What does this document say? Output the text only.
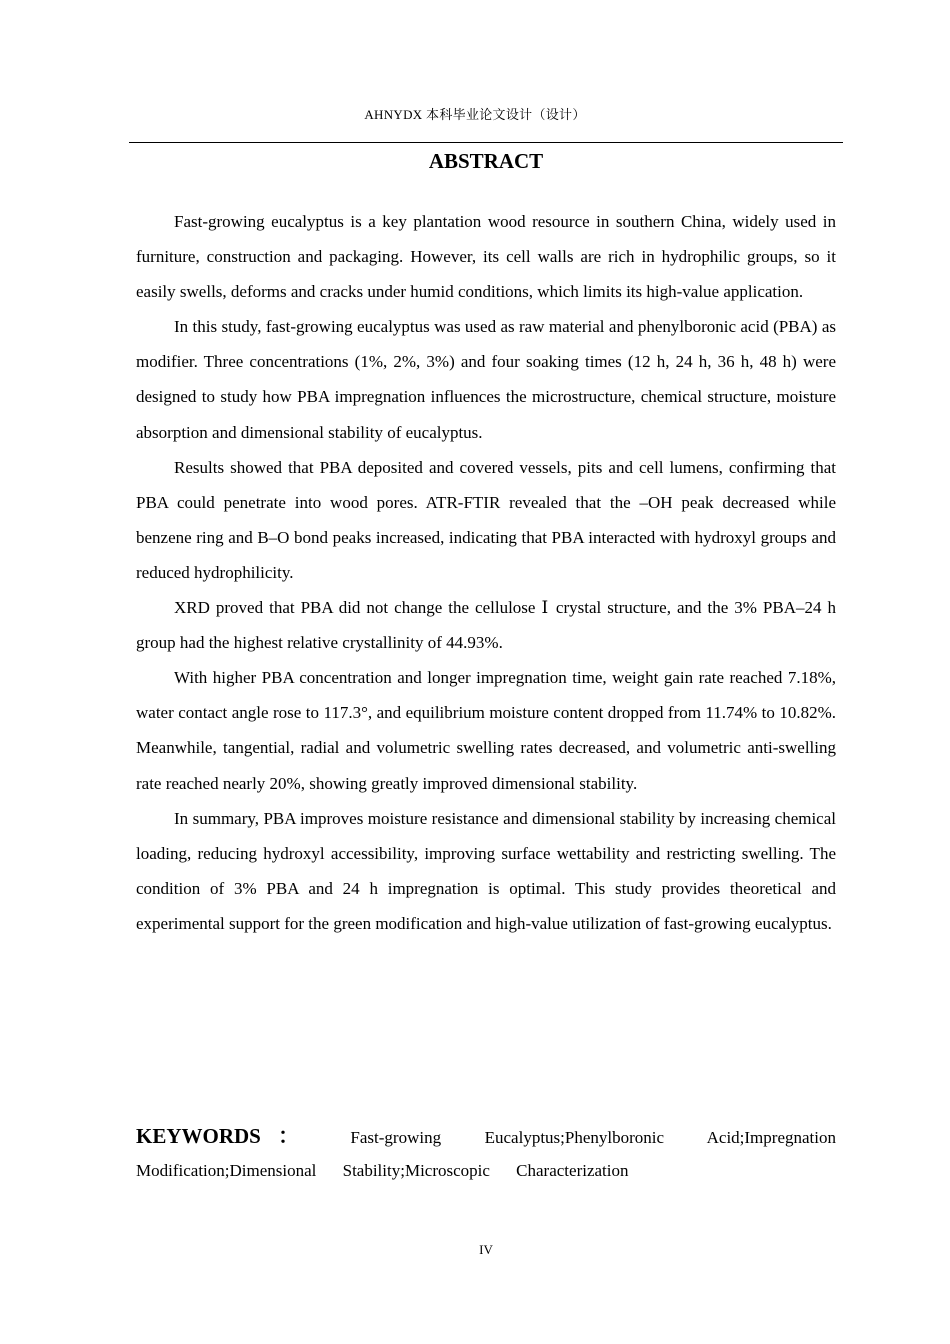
AHNYDX 本科毕业论文设计（设计）
ABSTRACT

Fast-growing eucalyptus is a key plantation wood resource in southern China, widely used in furniture, construction and packaging. However, its cell walls are rich in hydrophilic groups, so it easily swells, deforms and cracks under humid conditions, which limits its high-value application.

In this study, fast-growing eucalyptus was used as raw material and phenylboronic acid (PBA) as modifier. Three concentrations (1%, 2%, 3%) and four soaking times (12 h, 24 h, 36 h, 48 h) were designed to study how PBA impregnation influences the microstructure, chemical structure, moisture absorption and dimensional stability of eucalyptus.

Results showed that PBA deposited and covered vessels, pits and cell lumens, confirming that PBA could penetrate into wood pores. ATR-FTIR revealed that the –OH peak decreased while benzene ring and B–O bond peaks increased, indicating that PBA interacted with hydroxyl groups and reduced hydrophilicity.

XRD proved that PBA did not change the cellulose Ⅰ crystal structure, and the 3% PBA–24 h group had the highest relative crystallinity of 44.93%.

With higher PBA concentration and longer impregnation time, weight gain rate reached 7.18%, water contact angle rose to 117.3°, and equilibrium moisture content dropped from 11.74% to 10.82%. Meanwhile, tangential, radial and volumetric swelling rates decreased, and volumetric anti-swelling rate reached nearly 20%, showing greatly improved dimensional stability.

In summary, PBA improves moisture resistance and dimensional stability by increasing chemical loading, reducing hydroxyl accessibility, improving surface wettability and restricting swelling. The condition of 3% PBA and 24 h impregnation is optimal. This study provides theoretical and experimental support for the green modification and high-value utilization of fast-growing eucalyptus.

KEYWORDS： Fast-growing Eucalyptus;Phenylboronic Acid;Impregnation Modification;Dimensional Stability;Microscopic Characterization
IV
